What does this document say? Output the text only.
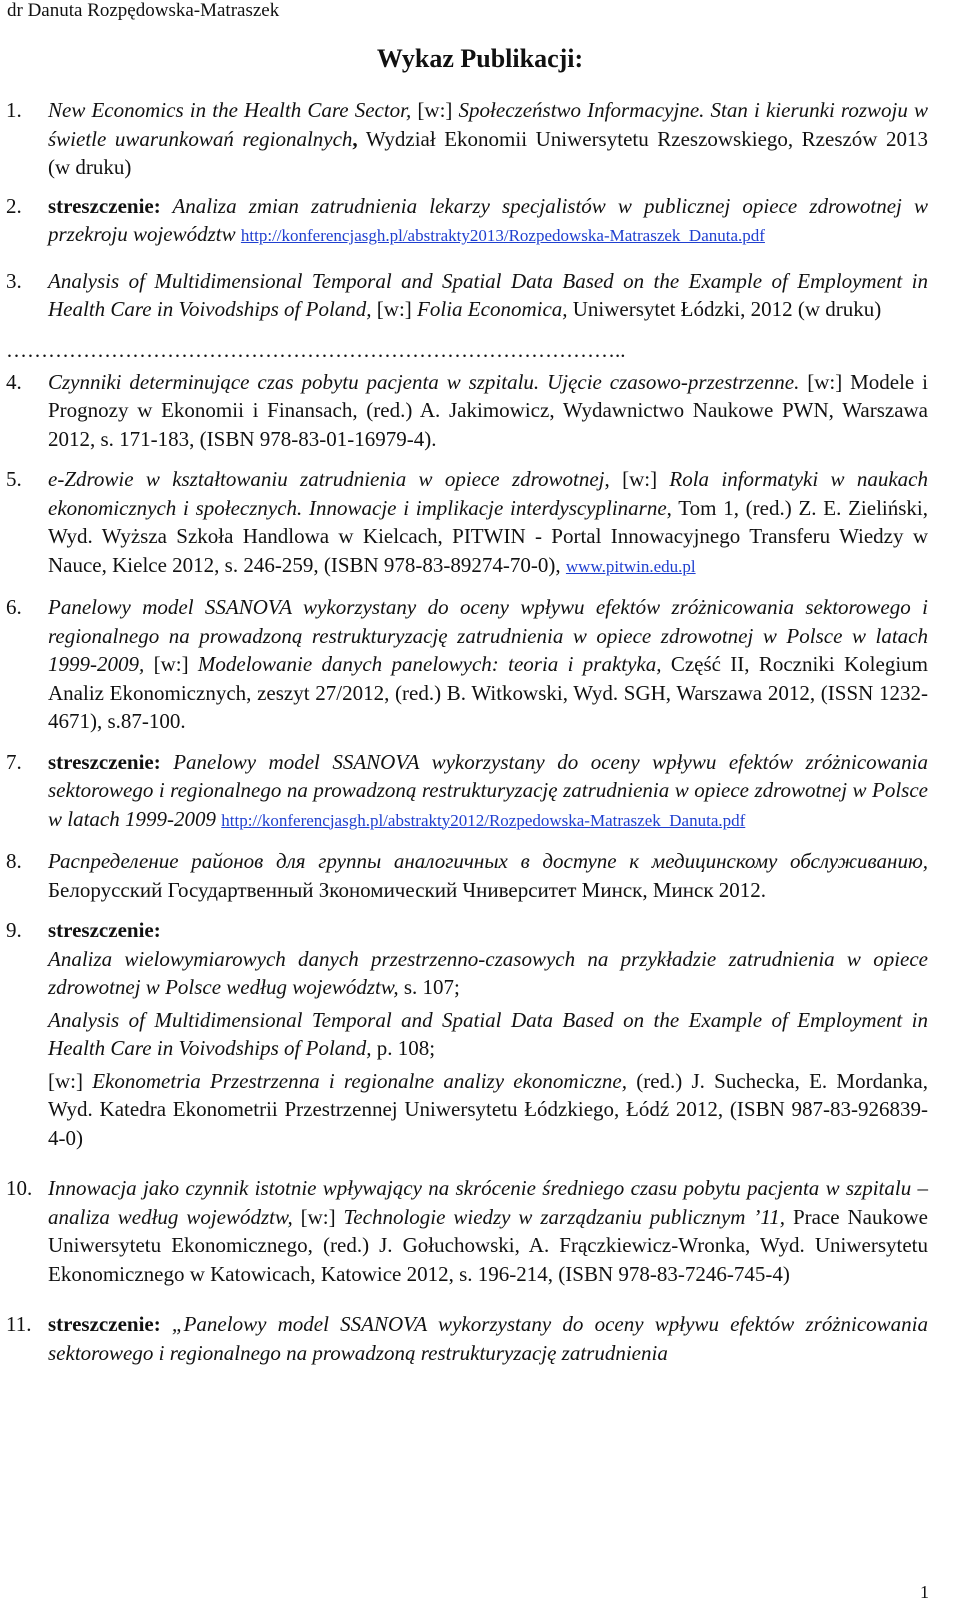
dr Danuta Rozpędowska-Matraszek
Wykaz Publikacji:
1. New Economics in the Health Care Sector, [w:] Społeczeństwo Informacyjne. Stan i kierunki rozwoju w świetle uwarunkowań regionalnych, Wydział Ekonomii Uniwersytetu Rzeszowskiego, Rzeszów 2013 (w druku)
2. streszczenie: Analiza zmian zatrudnienia lekarzy specjalistów w publicznej opiece zdrowotnej w przekroju województw http://konferencjasgh.pl/abstrakty2013/Rozpedowska-Matraszek_Danuta.pdf
3. Analysis of Multidimensional Temporal and Spatial Data Based on the Example of Employment in Health Care in Voivodships of Poland, [w:] Folia Economica, Uniwersytet Łódzki, 2012 (w druku)
……………………………………………………………………………..
4. Czynniki determinujące czas pobytu pacjenta w szpitalu. Ujęcie czasowo-przestrzenne. [w:] Modele i Prognozy w Ekonomii i Finansach, (red.) A. Jakimowicz, Wydawnictwo Naukowe PWN, Warszawa 2012, s. 171-183, (ISBN 978-83-01-16979-4).
5. e-Zdrowie w kształtowaniu zatrudnienia w opiece zdrowotnej, [w:] Rola informatyki w naukach ekonomicznych i społecznych. Innowacje i implikacje interdyscyplinarne, Tom 1, (red.) Z. E. Zieliński, Wyd. Wyższa Szkoła Handlowa w Kielcach, PITWIN - Portal Innowacyjnego Transferu Wiedzy w Nauce, Kielce 2012, s. 246-259, (ISBN 978-83-89274-70-0), www.pitwin.edu.pl
6. Panelowy model SSANOVA wykorzystany do oceny wpływu efektów zróżnicowania sektorowego i regionalnego na prowadzoną restrukturyzację zatrudnienia w opiece zdrowotnej w Polsce w latach 1999-2009, [w:] Modelowanie danych panelowych: teoria i praktyka, Część II, Roczniki Kolegium Analiz Ekonomicznych, zeszyt 27/2012, (red.) B. Witkowski, Wyd. SGH, Warszawa 2012, (ISSN 1232-4671), s.87-100.
7. streszczenie: Panelowy model SSANOVA wykorzystany do oceny wpływu efektów zróżnicowania sektorowego i regionalnego na prowadzoną restrukturyzację zatrudnienia w opiece zdrowotnej w Polsce w latach 1999-2009 http://konferencjasgh.pl/abstrakty2012/Rozpedowska-Matraszek_Danuta.pdf
8. Распределение районов для группы аналогичных в доступе к медицинскому обслуживанию, Белорусский Государтвенный Зкономический Чниверситет Минск, Минск 2012.
9. streszczenie:
Analiza wielowymiarowych danych przestrzenno-czasowych na przykładzie zatrudnienia w opiece zdrowotnej w Polsce według województw, s. 107;
Analysis of Multidimensional Temporal and Spatial Data Based on the Example of Employment in Health Care in Voivodships of Poland, p. 108;
[w:] Ekonometria Przestrzenna i regionalne analizy ekonomiczne, (red.) J. Suchecka, E. Mordanka, Wyd. Katedra Ekonometrii Przestrzennej Uniwersytetu Łódzkiego, Łódź 2012, (ISBN 987-83-926839-4-0)
10. Innowacja jako czynnik istotnie wpływający na skrócenie średniego czasu pobytu pacjenta w szpitalu – analiza według województw, [w:] Technologie wiedzy w zarządzaniu publicznym ’11, Prace Naukowe Uniwersytetu Ekonomicznego, (red.) J. Gołuchowski, A. Frączkiewicz-Wronka, Wyd. Uniwersytetu Ekonomicznego w Katowicach, Katowice 2012, s. 196-214, (ISBN 978-83-7246-745-4)
11. streszczenie: „Panelowy model SSANOVA wykorzystany do oceny wpływu efektów zróżnicowania sektorowego i regionalnego na prowadzoną restrukturyzację zatrudnienia
1
